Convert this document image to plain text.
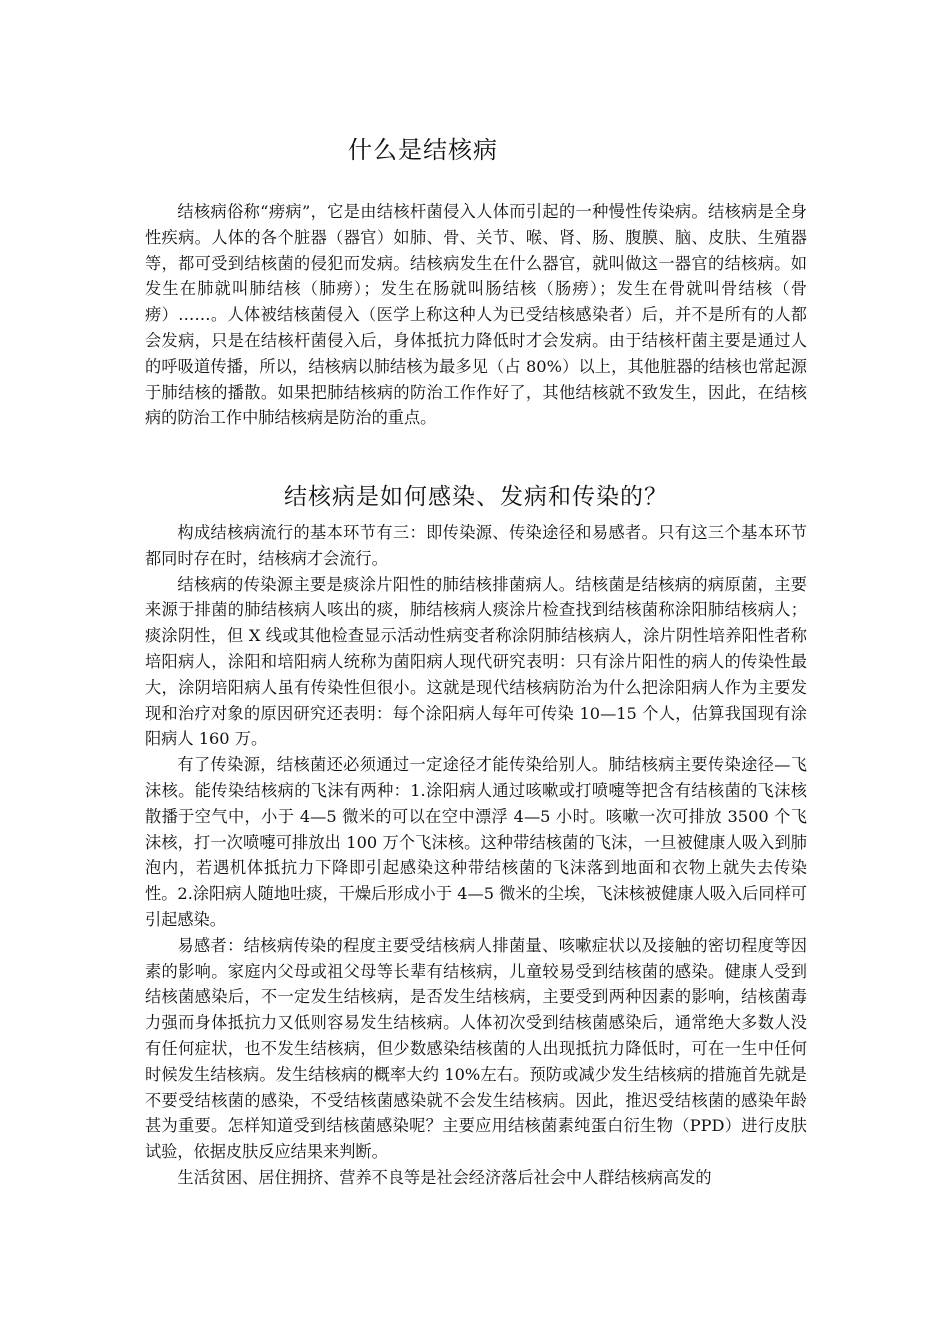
什么是结核病

结核病俗称“痨病”，它是由结核杆菌侵入人体而引起的一种慢性传染病。结核病是全身性疾病。人体的各个脏器（器官）如肺、骨、关节、喉、肾、肠、腹膜、脑、皮肤、生殖器等，都可受到结核菌的侵犯而发病。结核病发生在什么器官，就叫做这一器官的结核病。如发生在肺就叫肺结核（肺痨）；发生在肠就叫肠结核（肠痨）；发生在骨就叫骨结核（骨痨）……。人体被结核菌侵入（医学上称这种人为已受结核感染者）后，并不是所有的人都会发病，只是在结核杆菌侵入后，身体抵抗力降低时才会发病。由于结核杆菌主要是通过人的呼吸道传播，所以，结核病以肺结核为最多见（占 80%）以上，其他脏器的结核也常起源于肺结核的播散。如果把肺结核病的防治工作作好了，其他结核就不致发生，因此，在结核病的防治工作中肺结核病是防治的重点。

结核病是如何感染、发病和传染的？

构成结核病流行的基本环节有三：即传染源、传染途径和易感者。只有这三个基本环节都同时存在时，结核病才会流行。

结核病的传染源主要是痰涂片阳性的肺结核排菌病人。结核菌是结核病的病原菌，主要来源于排菌的肺结核病人咳出的痰，肺结核病人痰涂片检查找到结核菌称涂阳肺结核病人；痰涂阴性，但 X 线或其他检查显示活动性病变者称涂阴肺结核病人，涂片阴性培养阳性者称培阳病人，涂阳和培阳病人统称为菌阳病人现代研究表明：只有涂片阳性的病人的传染性最大，涂阴培阳病人虽有传染性但很小。这就是现代结核病防治为什么把涂阳病人作为主要发现和治疗对象的原因研究还表明：每个涂阳病人每年可传染 10—15 个人，估算我国现有涂阳病人 160 万。

有了传染源，结核菌还必须通过一定途径才能传染给别人。肺结核病主要传染途径—飞沫核。能传染结核病的飞沫有两种：1.涂阳病人通过咳嗽或打喷嚏等把含有结核菌的飞沫核散播于空气中，小于 4—5 微米的可以在空中漂浮 4—5 小时。咳嗽一次可排放 3500 个飞沫核，打一次喷嚏可排放出 100 万个飞沫核。这种带结核菌的飞沫，一旦被健康人吸入到肺泡内，若遇机体抵抗力下降即引起感染这种带结核菌的飞沫落到地面和衣物上就失去传染性。2.涂阳病人随地吐痰，干燥后形成小于 4—5 微米的尘埃，飞沫核被健康人吸入后同样可引起感染。

易感者：结核病传染的程度主要受结核病人排菌量、咳嗽症状以及接触的密切程度等因素的影响。家庭内父母或祖父母等长辈有结核病，儿童较易受到结核菌的感染。健康人受到结核菌感染后，不一定发生结核病，是否发生结核病，主要受到两种因素的影响，结核菌毒力强而身体抵抗力又低则容易发生结核病。人体初次受到结核菌感染后，通常绝大多数人没有任何症状，也不发生结核病，但少数感染结核菌的人出现抵抗力降低时，可在一生中任何时候发生结核病。发生结核病的概率大约 10%左右。预防或减少发生结核病的措施首先就是不要受结核菌的感染，不受结核菌感染就不会发生结核病。因此，推迟受结核菌的感染年龄甚为重要。怎样知道受到结核菌感染呢？主要应用结核菌素纯蛋白衍生物（PPD）进行皮肤试验，依据皮肤反应结果来判断。

生活贫困、居住拥挤、营养不良等是社会经济落后社会中人群结核病高发的
